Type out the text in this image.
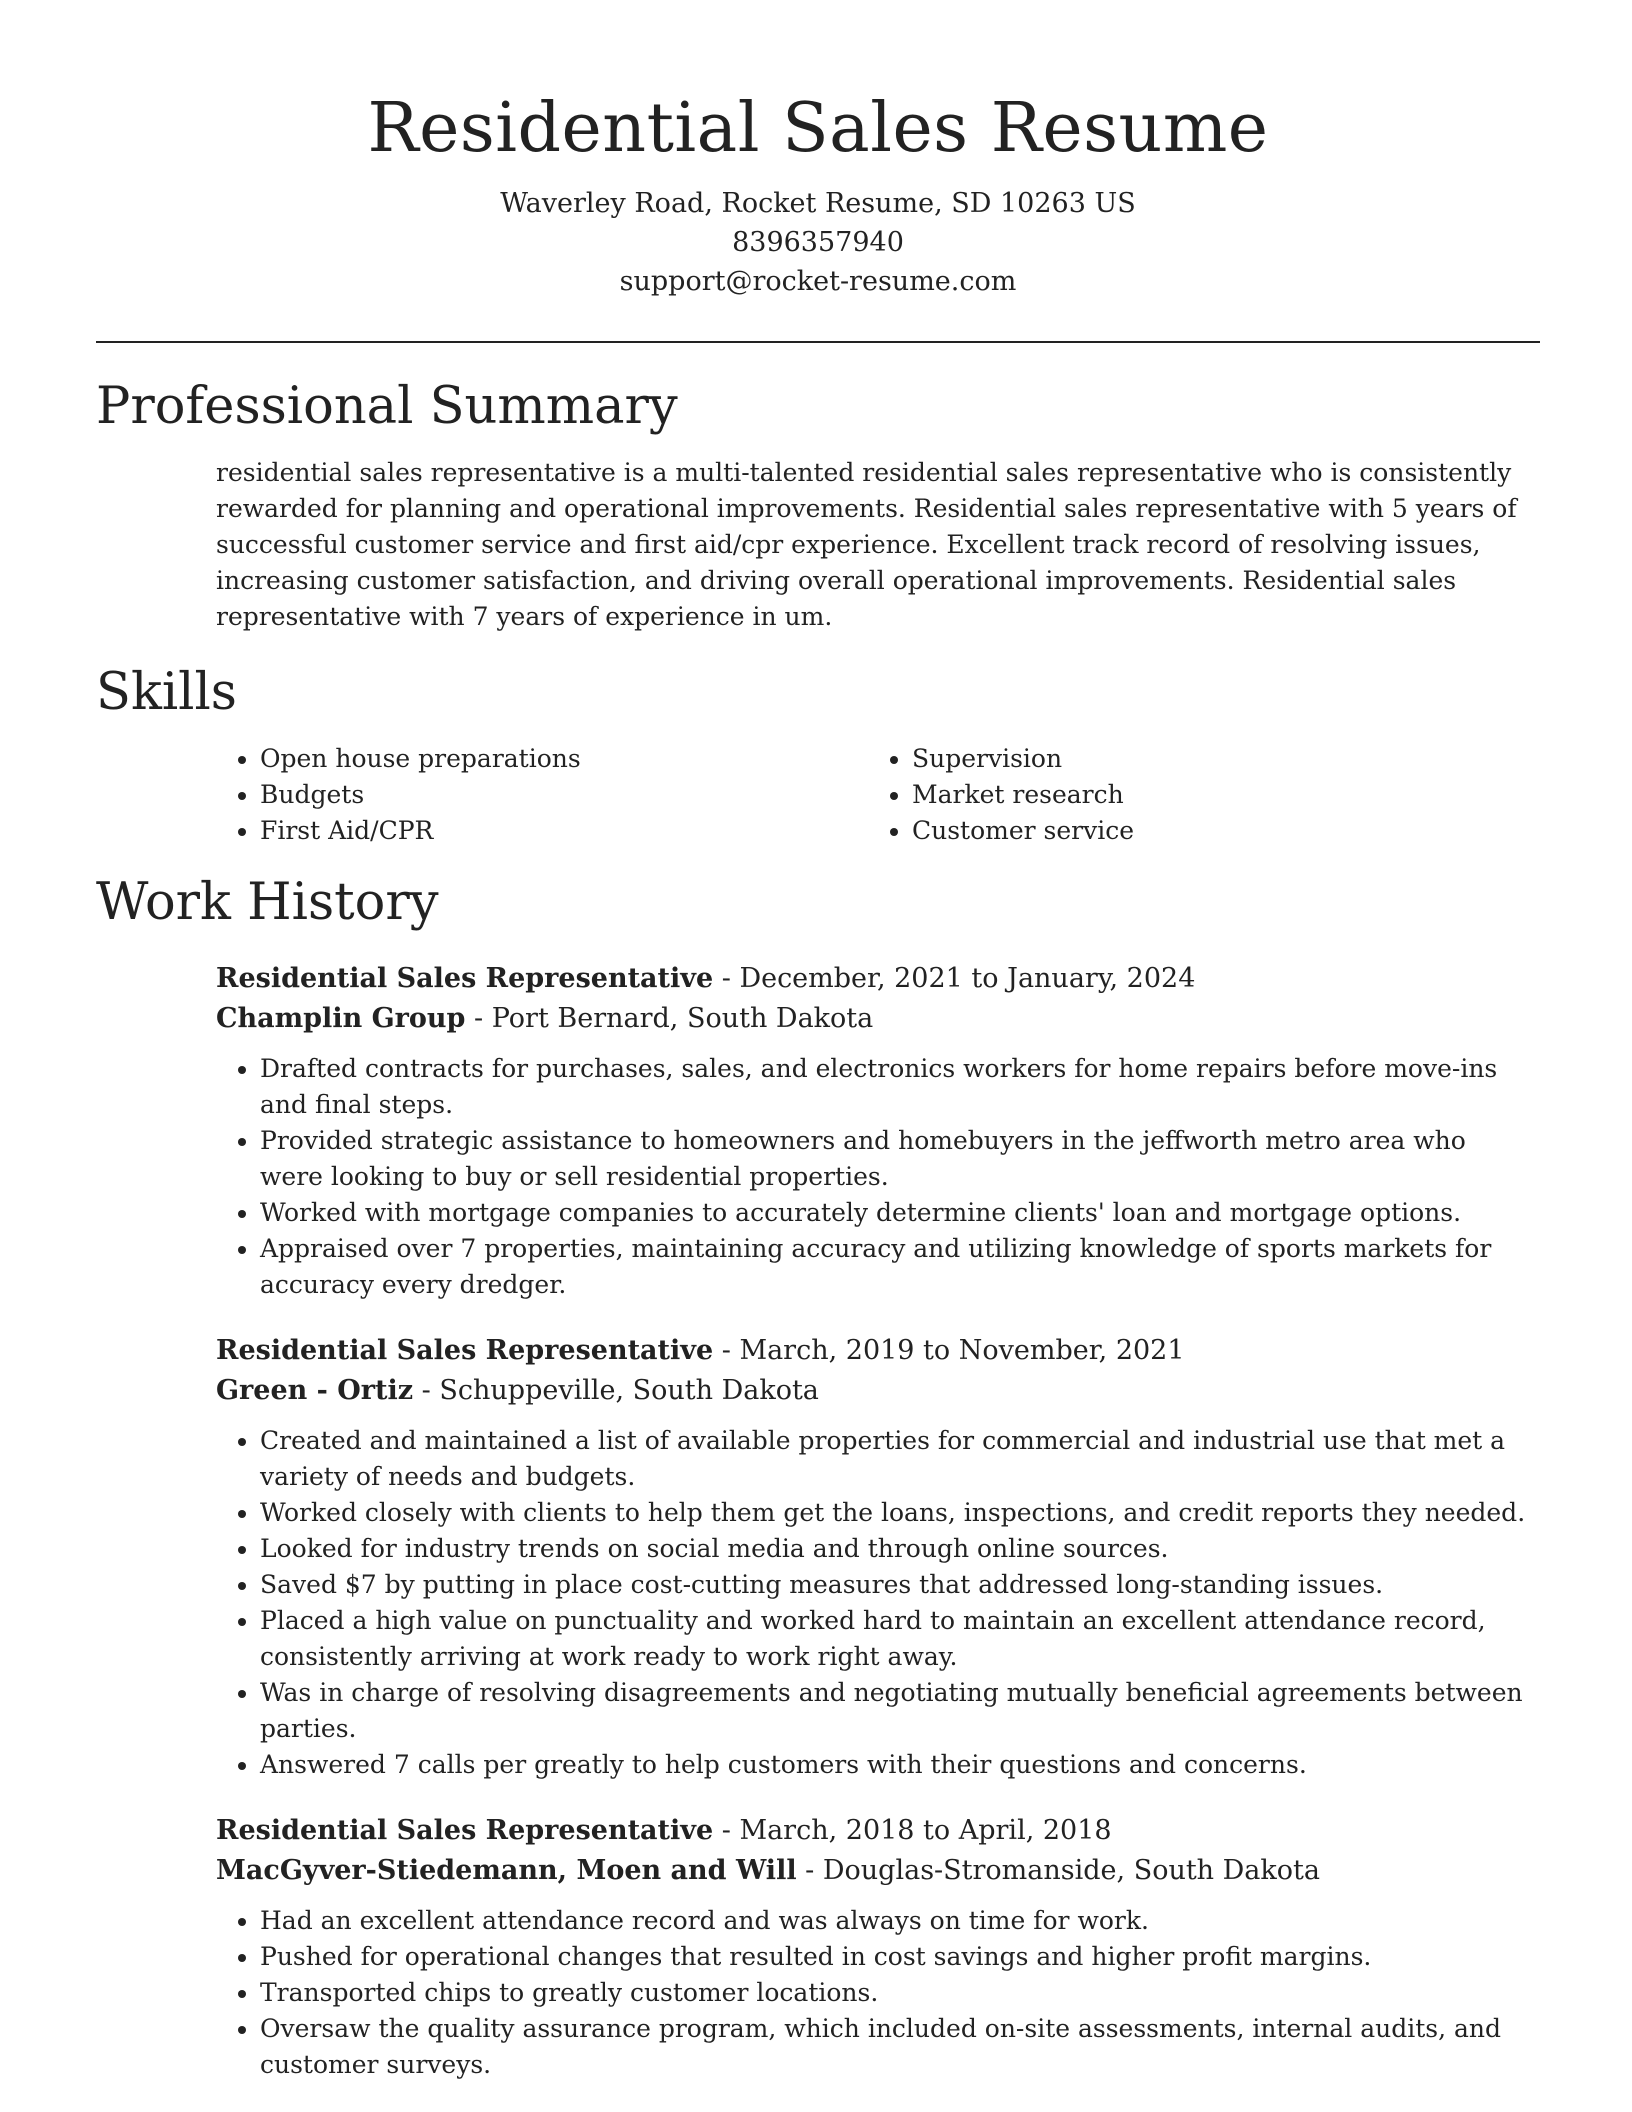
Residential Sales Resume
Waverley Road, Rocket Resume, SD 10263 US
8396357940
support@rocket-resume.com
Professional Summary

residential sales representative is a multi-talented residential sales representative who is consistently rewarded for planning and operational improvements. Residential sales representative with 5 years of successful customer service and first aid/cpr experience. Excellent track record of resolving issues, increasing customer satisfaction, and driving overall operational improvements. Residential sales representative with 7 years of experience in um.

Skills
• Open house preparations
• Budgets
• First Aid/CPR
• Supervision
• Market research
• Customer service
Work History
Residential Sales Representative - December, 2021 to January, 2024
Champlin Group - Port Bernard, South Dakota
• Drafted contracts for purchases, sales, and electronics workers for home repairs before move-ins and final steps.
• Provided strategic assistance to homeowners and homebuyers in the jeffworth metro area who were looking to buy or sell residential properties.
• Worked with mortgage companies to accurately determine clients' loan and mortgage options.
• Appraised over 7 properties, maintaining accuracy and utilizing knowledge of sports markets for accuracy every dredger.
Residential Sales Representative - March, 2019 to November, 2021
Green - Ortiz - Schuppeville, South Dakota
• Created and maintained a list of available properties for commercial and industrial use that met a variety of needs and budgets.
• Worked closely with clients to help them get the loans, inspections, and credit reports they needed.
• Looked for industry trends on social media and through online sources.
• Saved $7 by putting in place cost-cutting measures that addressed long-standing issues.
• Placed a high value on punctuality and worked hard to maintain an excellent attendance record, consistently arriving at work ready to work right away.
• Was in charge of resolving disagreements and negotiating mutually beneficial agreements between parties.
• Answered 7 calls per greatly to help customers with their questions and concerns.
Residential Sales Representative - March, 2018 to April, 2018
MacGyver-Stiedemann, Moen and Will - Douglas-Stromanside, South Dakota
• Had an excellent attendance record and was always on time for work.
• Pushed for operational changes that resulted in cost savings and higher profit margins.
• Transported chips to greatly customer locations.
• Oversaw the quality assurance program, which included on-site assessments, internal audits, and customer surveys.
